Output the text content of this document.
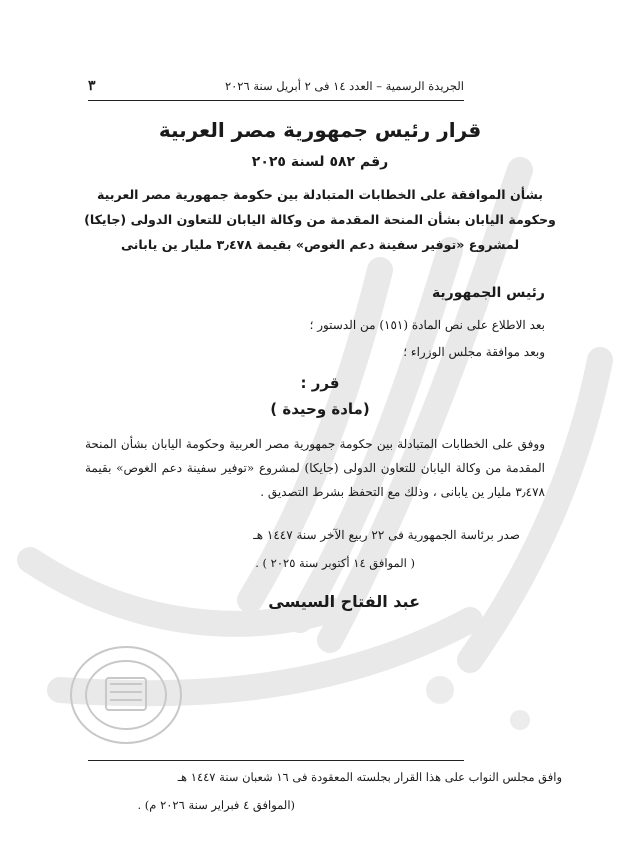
الجريدة الرسمية – العدد ١٤ فى ٢ أبريل سنة ٢٠٢٦
٣
قرار رئيس جمهورية مصر العربية
رقم ٥٨٢ لسنة ٢٠٢٥
بشأن الموافقة على الخطابات المتبادلة بين حكومة جمهورية مصر العربية
وحكومة اليابان بشأن المنحة المقدمة من وكالة اليابان للتعاون الدولى (جايكا)
لمشروع «توفير سفينة دعم الغوص» بقيمة ٣٫٤٧٨ مليار ين يابانى
رئيس الجمهورية
بعد الاطلاع على نص المادة (١٥١) من الدستور ؛
وبعد موافقة مجلس الوزراء ؛
قرر :
(مادة وحيدة )
ووفق على الخطابات المتبادلة بين حكومة جمهورية مصر العربية وحكومة اليابان بشأن المنحة المقدمة من وكالة اليابان للتعاون الدولى (جايكا) لمشروع «توفير سفينة دعم الغوص» بقيمة ٣٫٤٧٨ مليار ين يابانى ، وذلك مع التحفظ بشرط التصديق .
صدر برئاسة الجمهورية فى ٢٢ ربيع الآخر سنة ١٤٤٧ هـ
( الموافق ١٤ أكتوبر سنة ٢٠٢٥ ) .
عبد الفتاح السيسى
وافق مجلس النواب على هذا القرار بجلسته المعقودة فى ١٦ شعبان سنة ١٤٤٧ هـ
(الموافق ٤ فبراير سنة ٢٠٢٦ م) .
